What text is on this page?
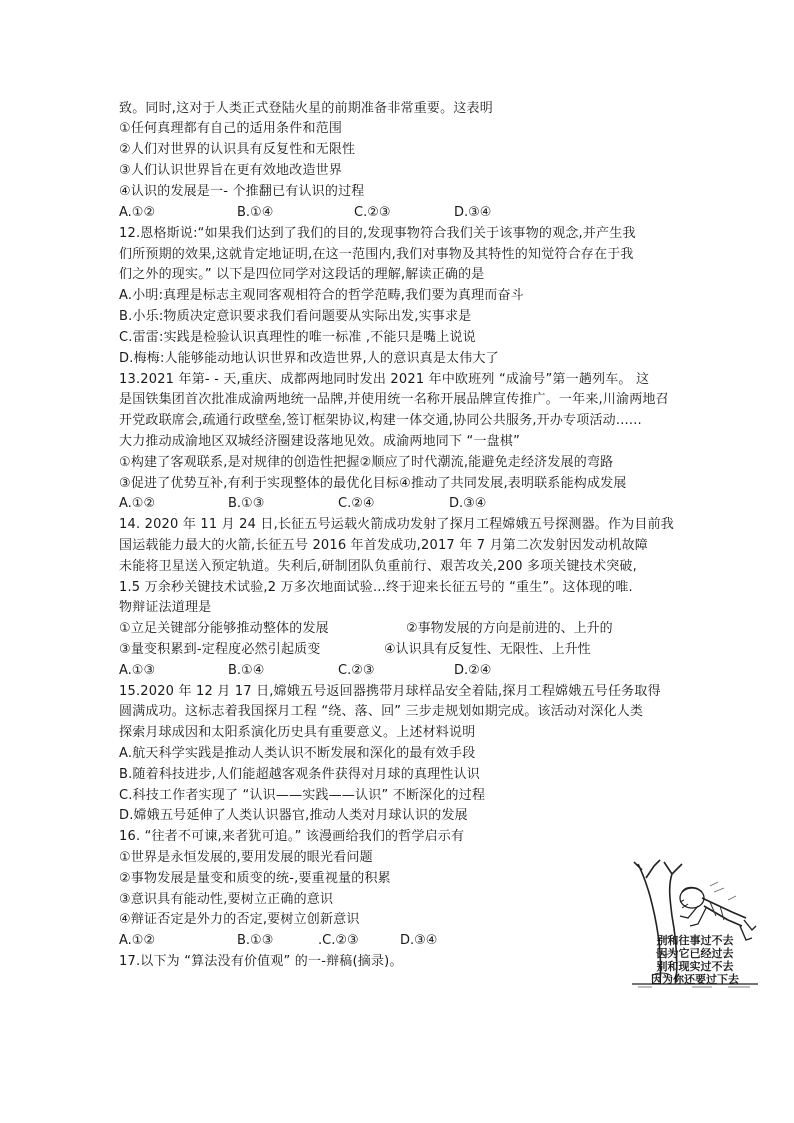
致。同时,这对于人类正式登陆火星的前期准备非常重要。这表明
①任何真理都有自己的适用条件和范围
②人们对世界的认识具有反复性和无限性
③人们认识世界旨在更有效地改造世界
④认识的发展是一- 个推翻已有认识的过程
A.①②	B.①④	C.②③	D.③④
12.恩格斯说:“如果我们达到了我们的目的,发现事物符合我们关于该事物的观念,并产生我
们所预期的效果,这就肯定地证明,在这一范围内,我们对事物及其特性的知觉符合存在于我
们之外的现实。” 以下是四位同学对这段话的理解,解读正确的是
A.小明:真理是标志主观同客观相符合的哲学范畴,我们要为真理而奋斗
B.小乐:物质决定意识要求我们看问题要从实际出发,实事求是
C.雷雷:实践是检验认识真理性的唯一标准 ,不能只是嘴上说说
D.梅梅:人能够能动地认识世界和改造世界,人的意识真是太伟大了
13.2021 年第- - 天,重庆、成都两地同时发出 2021 年中欧班列 “成渝号”第一趟列车。 这
是国铁集团首次批准成渝两地统一品牌,并使用统一名称开展品牌宣传推广。一年来,川渝两地召
开党政联席会,疏通行政壁垒,签订框架协议,构建一体交通,协同公共服务,开办专项活动......
大力推动成渝地区双城经济圈建设落地见效。成渝两地同下 “一盘棋”
①构建了客观联系,是对规律的创造性把握②顺应了时代潮流,能避免走经济发展的弯路
③促进了优势互补,有利于实现整体的最优化目标④推动了共同发展,表明联系能构成发展
A.①②	B.①③	C.②④	D.③④
14. 2020 年 11 月 24 日,长征五号运载火箭成功发射了探月工程嫦娥五号探测器。作为目前我
国运载能力最大的火箭,长征五号 2016 年首发成功,2017 年 7 月第二次发射因发动机故障
未能将卫星送入预定轨道。失利后,研制团队负重前行、艰苦攻关,200 多项关键技术突破,
1.5 万余秒关键技术试验,2 万多次地面试验...终于迎来长征五号的 “重生”。这体现的唯.
物辩证法道理是
①立足关键部分能够推动整体的发展	②事物发展的方向是前进的、上升的
③量变积累到-定程度必然引起质变	④认识具有反复性、无限性、上升性
A.①③	B.①④	C.②③	D.②④
15.2020 年 12 月 17 日,嫦娥五号返回器携带月球样品安全着陆,探月工程嫦娥五号任务取得
圆满成功。这标志着我国探月工程 “绕、落、回” 三步走规划如期完成。该活动对深化人类
探索月球成因和太阳系演化历史具有重要意义。上述材料说明
A.航天科学实践是推动人类认识不断发展和深化的最有效手段
B.随着科技进步,人们能超越客观条件获得对月球的真理性认识
C.科技工作者实现了 “认识——实践——认识” 不断深化的过程
D.嫦娥五号延伸了人类认识器官,推动人类对月球认识的发展
16. “往者不可谏,来者犹可追。” 该漫画给我们的哲学启示有
①世界是永恒发展的,要用发展的眼光看问题
②事物发展是量变和质变的统-,要重视量的积累
③意识具有能动性,要树立正确的意识
④辩证否定是外力的否定,要树立创新意识
A.①②	B.①③	.C.②③	D.③④
17.以下为 “算法没有价值观” 的一-辩稿(摘录)。
别和往事过不去
因为它已经过去
别和现实过不去
因为你还要过下去
